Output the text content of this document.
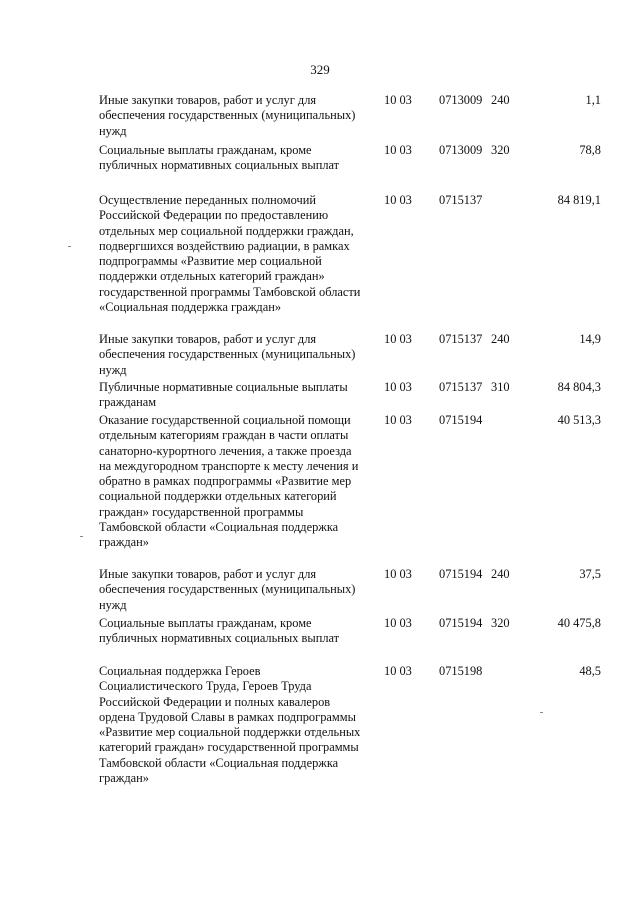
329
Иные закупки товаров, работ и услуг для обеспечения государственных (муниципальных) нужд
10 03 0713009 240	1,1
Социальные выплаты гражданам, кроме публичных нормативных социальных выплат
10 03 0713009 320	78,8
Осуществление переданных полномочий Российской Федерации по предоставлению отдельных мер социальной поддержки граждан, подвергшихся воздействию радиации, в рамках подпрограммы «Развитие мер социальной поддержки отдельных категорий граждан» государственной программы Тамбовской области «Социальная поддержка граждан»
10 03 0715137	84 819,1
Иные закупки товаров, работ и услуг для обеспечения государственных (муниципальных) нужд
10 03 0715137 240	14,9
Публичные нормативные социальные выплаты гражданам
10 03 0715137 310	84 804,3
Оказание государственной социальной помощи отдельным категориям граждан в части оплаты санаторно-курортного лечения, а также проезда на междугородном транспорте к месту лечения и обратно в рамках подпрограммы «Развитие мер социальной поддержки отдельных категорий граждан» государственной программы Тамбовской области «Социальная поддержка граждан»
10 03 0715194	40 513,3
Иные закупки товаров, работ и услуг для обеспечения государственных (муниципальных) нужд
10 03 0715194 240	37,5
Социальные выплаты гражданам, кроме публичных нормативных социальных выплат
10 03 0715194 320	40 475,8
Социальная поддержка Героев Социалистического Труда, Героев Труда Российской Федерации и полных кавалеров ордена Трудовой Славы в рамках подпрограммы «Развитие мер социальной поддержки отдельных категорий граждан» государственной программы Тамбовской области «Социальная поддержка граждан»
10 03 0715198	48,5
